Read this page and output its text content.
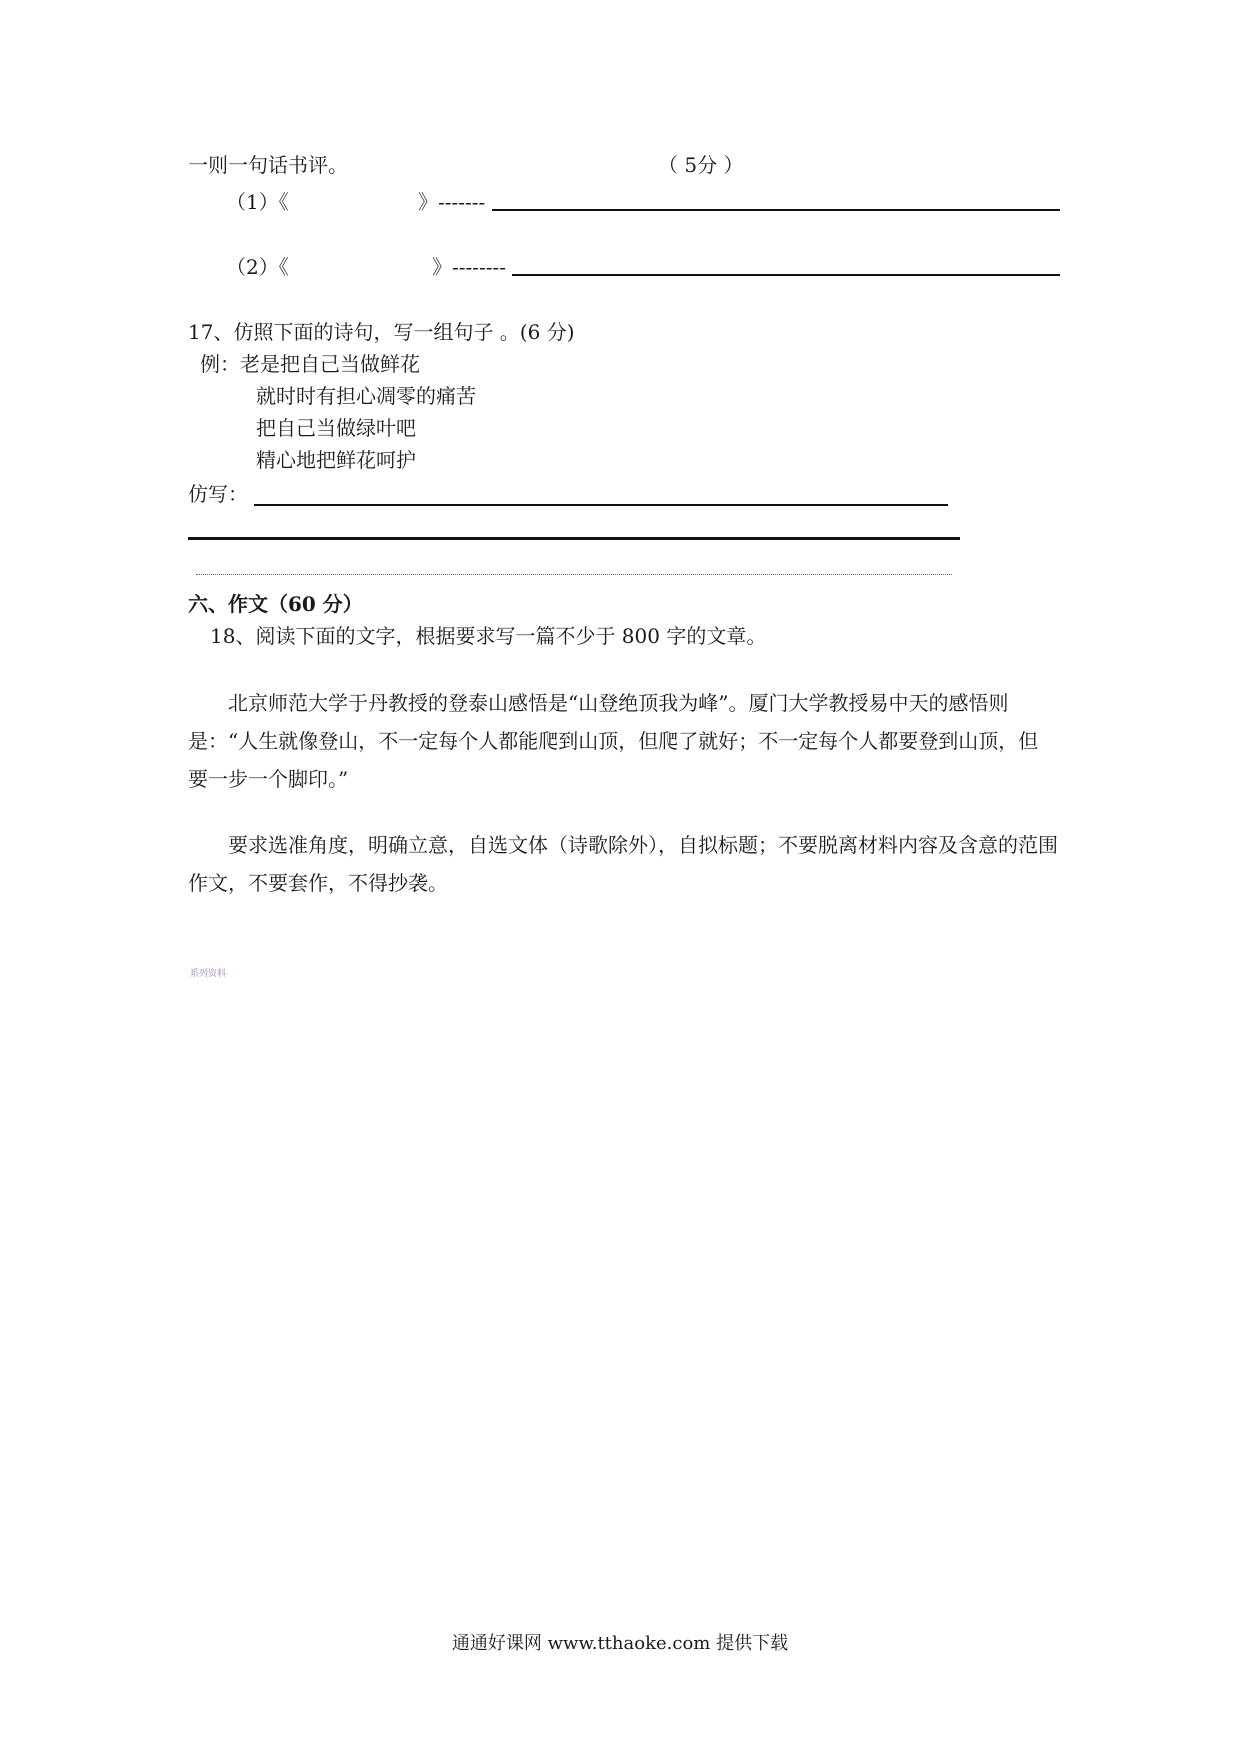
一则一句话书评。	（ 5分 ）
（1）《	》-------
（2）《	》--------
17、仿照下面的诗句，写一组句子 。(6 分)
例：老是把自己当做鲜花
就时时有担心凋零的痛苦
把自己当做绿叶吧
精心地把鲜花呵护
仿写：
六、作文（60 分）
18、阅读下面的文字，根据要求写一篇不少于 800 字的文章。
北京师范大学于丹教授的登泰山感悟是“山登绝顶我为峰”。厦门大学教授易中天的感悟则是：“人生就像登山，不一定每个人都能爬到山顶，但爬了就好；不一定每个人都要登到山顶，但要一步一个脚印。”
要求选准角度，明确立意，自选文体（诗歌除外），自拟标题；不要脱离材料内容及含意的范围作文，不要套作，不得抄袭。
系列资料
通通好课网 www.tthaoke.com 提供下载
